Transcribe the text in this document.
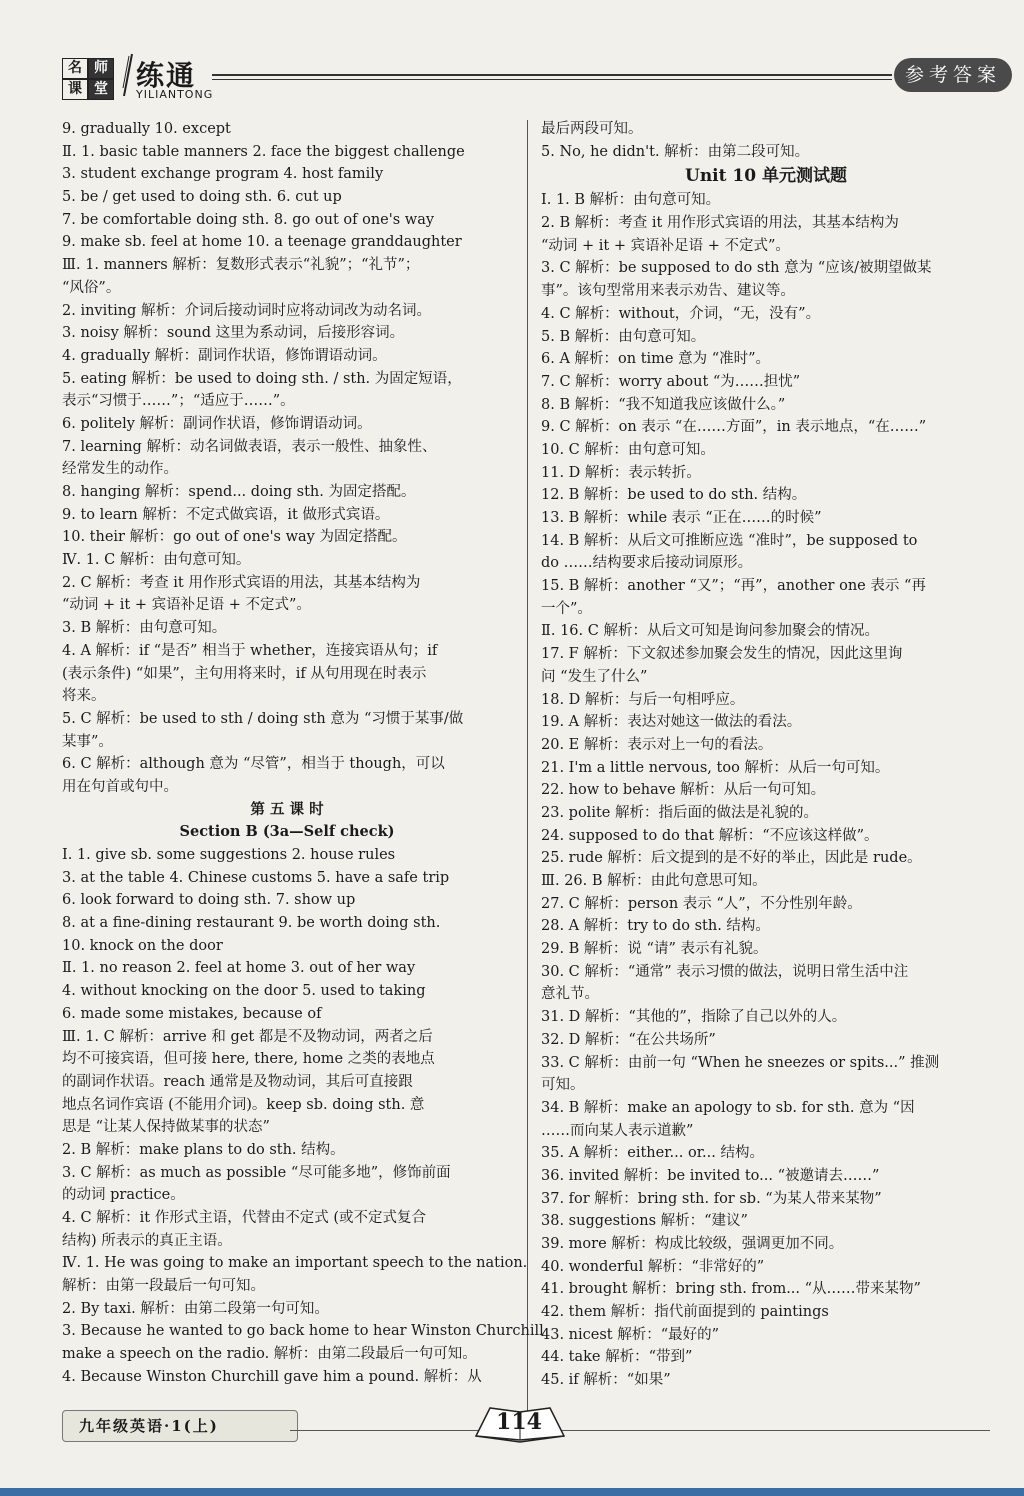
名 师
课 堂 练通
YILIANTONG
参考答案
9. gradually 10. except
Ⅱ. 1. basic table manners 2. face the biggest challenge
3. student exchange program 4. host family
5. be / get used to doing sth. 6. cut up
7. be comfortable doing sth. 8. go out of one's way
9. make sb. feel at home 10. a teenage granddaughter
Ⅲ. 1. manners 解析：复数形式表示“礼貌”；“礼节”；
“风俗”。
2. inviting 解析：介词后接动词时应将动词改为动名词。
3. noisy 解析：sound 这里为系动词，后接形容词。
4. gradually 解析：副词作状语，修饰谓语动词。
5. eating 解析：be used to doing sth. / sth. 为固定短语，
表示“习惯于……”；“适应于……”。
6. politely 解析：副词作状语，修饰谓语动词。
7. learning 解析：动名词做表语，表示一般性、抽象性、
经常发生的动作。
8. hanging 解析：spend... doing sth. 为固定搭配。
9. to learn 解析：不定式做宾语，it 做形式宾语。
10. their 解析：go out of one's way 为固定搭配。
Ⅳ. 1. C 解析：由句意可知。
2. C 解析：考查 it 用作形式宾语的用法，其基本结构为
“动词 + it + 宾语补足语 + 不定式”。
3. B 解析：由句意可知。
4. A 解析：if “是否” 相当于 whether，连接宾语从句；if
(表示条件) “如果”，主句用将来时，if 从句用现在时表示
将来。
5. C 解析：be used to sth / doing sth 意为 “习惯于某事/做
某事”。
6. C 解析：although 意为 “尽管”，相当于 though，可以
用在句首或句中。
第 五 课 时
Section B (3a—Self check)
Ⅰ. 1. give sb. some suggestions 2. house rules
3. at the table 4. Chinese customs 5. have a safe trip
6. look forward to doing sth. 7. show up
8. at a fine-dining restaurant 9. be worth doing sth.
10. knock on the door
Ⅱ. 1. no reason 2. feel at home 3. out of her way
4. without knocking on the door 5. used to taking
6. made some mistakes, because of
Ⅲ. 1. C 解析：arrive 和 get 都是不及物动词，两者之后
均不可接宾语，但可接 here, there, home 之类的表地点
的副词作状语。reach 通常是及物动词，其后可直接跟
地点名词作宾语 (不能用介词)。keep sb. doing sth. 意
思是 “让某人保持做某事的状态”
2. B 解析：make plans to do sth. 结构。
3. C 解析：as much as possible “尽可能多地”，修饰前面
的动词 practice。
4. C 解析：it 作形式主语，代替由不定式 (或不定式复合
结构) 所表示的真正主语。
Ⅳ. 1. He was going to make an important speech to the nation.
解析：由第一段最后一句可知。
2. By taxi. 解析：由第二段第一句可知。
3. Because he wanted to go back home to hear Winston Churchill
make a speech on the radio. 解析：由第二段最后一句可知。
4. Because Winston Churchill gave him a pound. 解析：从
最后两段可知。
5. No, he didn't. 解析：由第二段可知。
Unit 10 单元测试题
Ⅰ. 1. B 解析：由句意可知。
2. B 解析：考查 it 用作形式宾语的用法，其基本结构为
“动词 + it + 宾语补足语 + 不定式”。
3. C 解析：be supposed to do sth 意为 “应该/被期望做某
事”。该句型常用来表示劝告、建议等。
4. C 解析：without，介词，“无，没有”。
5. B 解析：由句意可知。
6. A 解析：on time 意为 “准时”。
7. C 解析：worry about “为……担忧”
8. B 解析：“我不知道我应该做什么。”
9. C 解析：on 表示 “在……方面”，in 表示地点，“在……”
10. C 解析：由句意可知。
11. D 解析：表示转折。
12. B 解析：be used to do sth. 结构。
13. B 解析：while 表示 “正在……的时候”
14. B 解析：从后文可推断应选 “准时”，be supposed to
do ……结构要求后接动词原形。
15. B 解析：another “又”；“再”，another one 表示 “再
一个”。
Ⅱ. 16. C 解析：从后文可知是询问参加聚会的情况。
17. F 解析：下文叙述参加聚会发生的情况，因此这里询
问 “发生了什么”
18. D 解析：与后一句相呼应。
19. A 解析：表达对她这一做法的看法。
20. E 解析：表示对上一句的看法。
21. I'm a little nervous, too 解析：从后一句可知。
22. how to behave 解析：从后一句可知。
23. polite 解析：指后面的做法是礼貌的。
24. supposed to do that 解析：“不应该这样做”。
25. rude 解析：后文提到的是不好的举止，因此是 rude。
Ⅲ. 26. B 解析：由此句意思可知。
27. C 解析：person 表示 “人”，不分性别年龄。
28. A 解析：try to do sth. 结构。
29. B 解析：说 “请” 表示有礼貌。
30. C 解析：“通常” 表示习惯的做法，说明日常生活中注
意礼节。
31. D 解析：“其他的”，指除了自己以外的人。
32. D 解析：“在公共场所”
33. C 解析：由前一句 “When he sneezes or spits...” 推测
可知。
34. B 解析：make an apology to sb. for sth. 意为 “因
……而向某人表示道歉”
35. A 解析：either... or... 结构。
36. invited 解析：be invited to... “被邀请去……”
37. for 解析：bring sth. for sb. “为某人带来某物”
38. suggestions 解析：“建议”
39. more 解析：构成比较级，强调更加不同。
40. wonderful 解析：“非常好的”
41. brought 解析：bring sth. from... “从……带来某物”
42. them 解析：指代前面提到的 paintings
43. nicest 解析：“最好的”
44. take 解析：“带到”
45. if 解析：“如果”
九年级英语·1(上)	114
